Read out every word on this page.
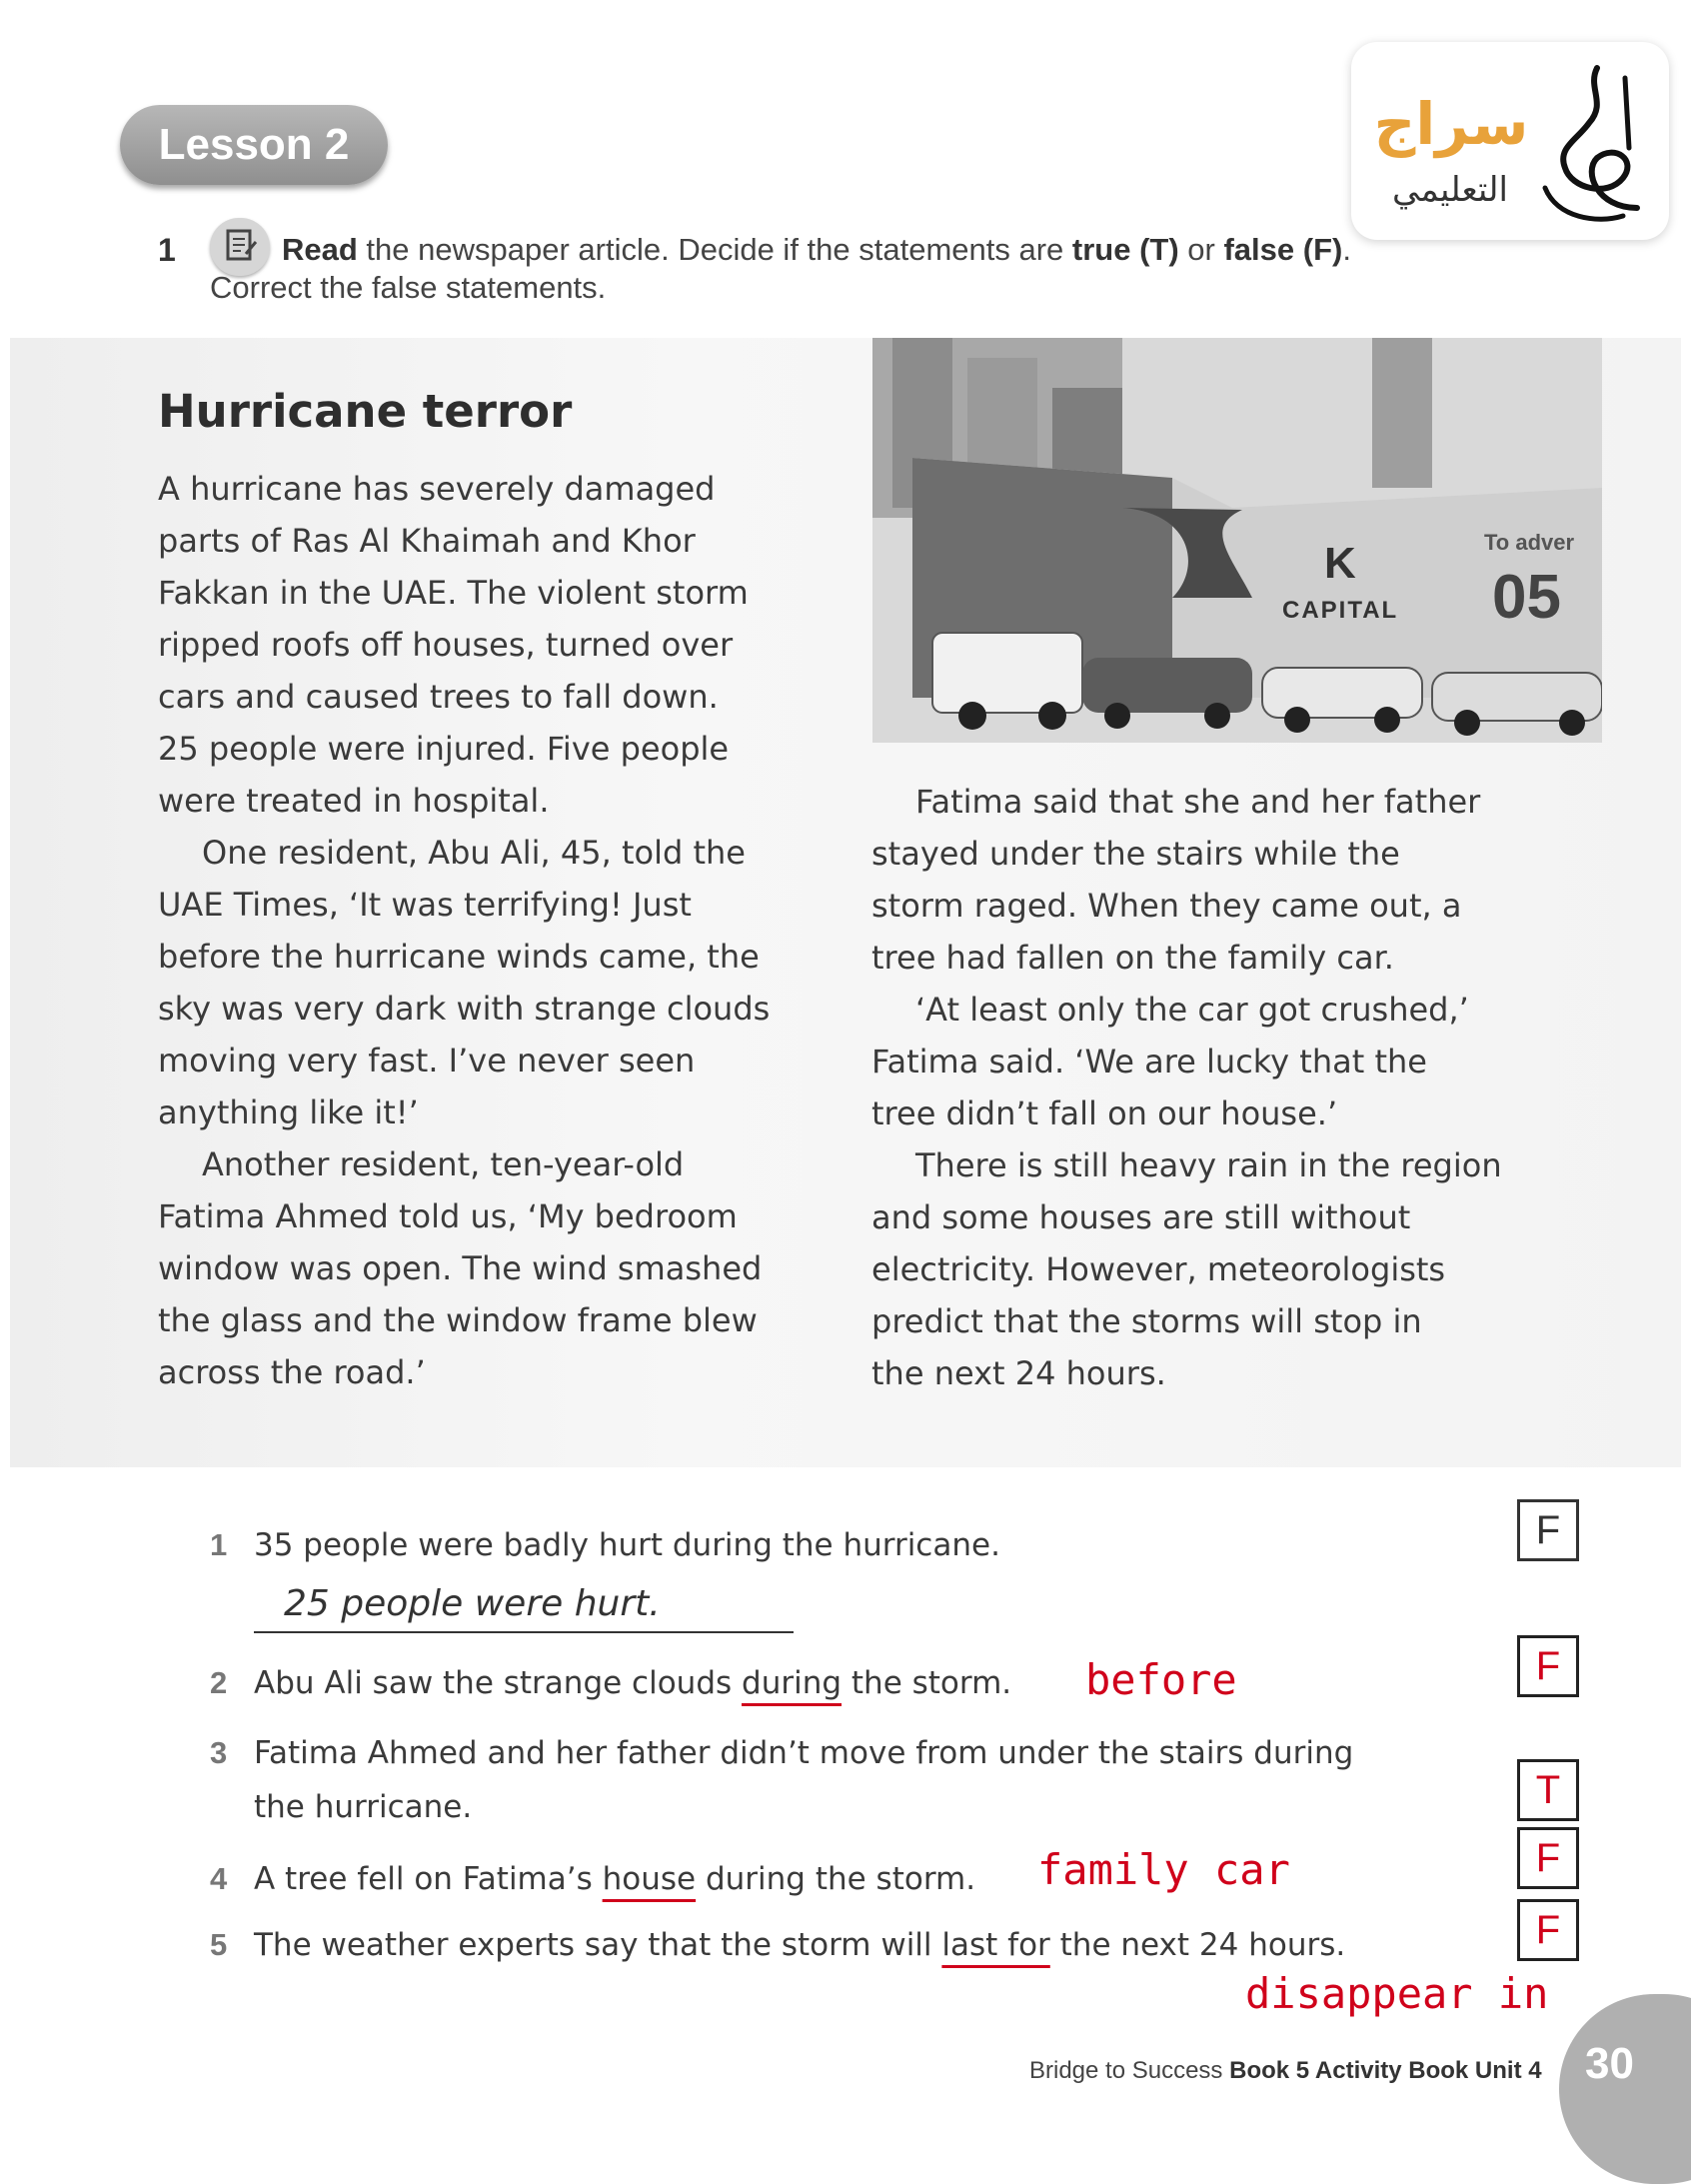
Lesson 2	سراج
التعليمي
1	Read the newspaper article. Decide if the statements are true (T) or false (F).
Correct the false statements.
Hurricane terror

A hurricane has severely damaged

parts of Ras Al Khaimah and Khor

Fakkan in the UAE. The violent storm

ripped roofs off houses, turned over

cars and caused trees to fall down.

25 people were injured. Five people

were treated in hospital.

One resident, Abu Ali, 45, told the

UAE Times, ‘It was terrifying! Just

before the hurricane winds came, the

sky was very dark with strange clouds

moving very fast. I’ve never seen

anything like it!’

Another resident, ten-year-old

Fatima Ahmed told us, ‘My bedroom

window was open. The wind smashed

the glass and the window frame blew

across the road.’

To adver
05
K
CAPITAL

Fatima said that she and her father

stayed under the stairs while the

storm raged. When they came out, a

tree had fallen on the family car.

‘At least only the car got crushed,’

Fatima said. ‘We are lucky that the

tree didn’t fall on our house.’

There is still heavy rain in the region

and some houses are still without

electricity. However, meteorologists

predict that the storms will stop in

the next 24 hours.

1 35 people were badly hurt during the hurricane.
25 people were hurt.
F
2 Abu Ali saw the strange clouds during the storm. before	F
3 Fatima Ahmed and her father didn’t move from under the stairs during
the hurricane.	T
4 A tree fell on Fatima’s house during the storm. family car	F
5 The weather experts say that the storm will last for the next 24 hours.
disappear in
F
Bridge to Success Book 5 Activity Book Unit 4 30
